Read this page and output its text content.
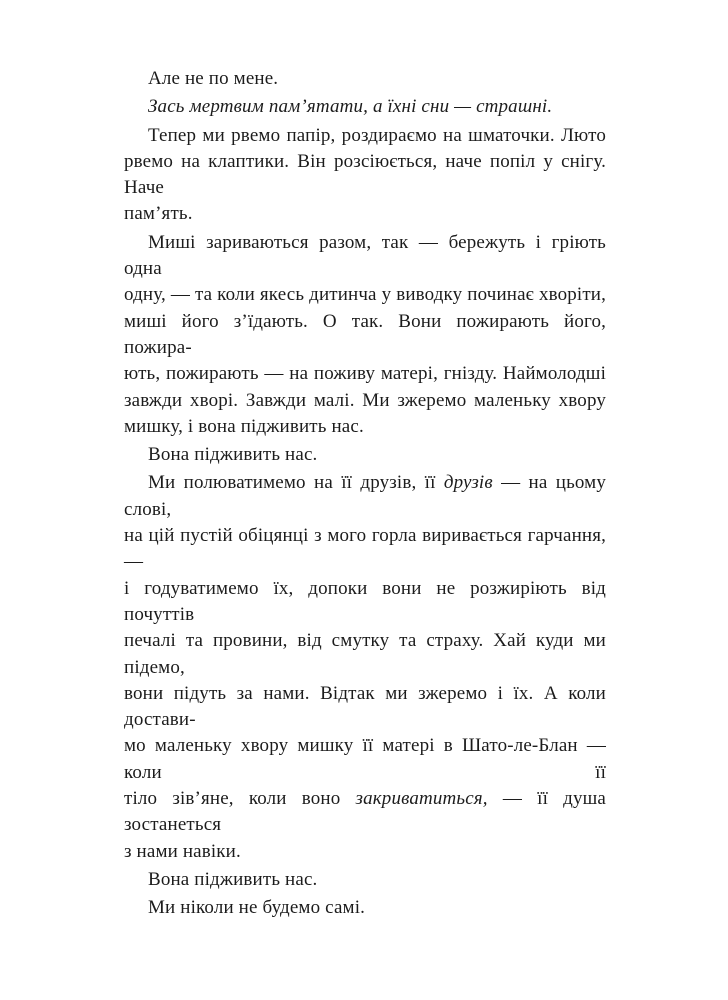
Але не по мене.
Зась мертвим пам’ятати, а їхні сни — страшні.
Тепер ми рвемо папір, роздираємо на шматочки. Люто
рвемо на клаптики. Він розсіюється, наче попіл у снігу. Наче
пам’ять.
Миші зариваються разом, так — бережуть і гріють одна
одну, — та коли якесь дитинча у виводку починає хворіти,
миші його з’їдають. О так. Вони пожирають його, пожира-
ють, пожирають — на поживу матері, гнізду. Наймолодші
завжди хворі. Завжди малі. Ми зжеремо маленьку хвору
мишку, і вона підживить нас.
Вона підживить нас.
Ми полюватимемо на її друзів, її друзів — на цьому слові,
на цій пустій обіцянці з мого горла виривається гарчання, —
і годуватимемо їх, допоки вони не розжиріють від почуттів
печалі та провини, від смутку та страху. Хай куди ми підемо,
вони підуть за нами. Відтак ми зжеремо і їх. А коли достави-
мо маленьку хвору мишку її матері в Шато-ле-Блан — коли її
тіло зів’яне, коли воно закриватиться, — її душа зостанеться
з нами навіки.
Вона підживить нас.
Ми ніколи не будемо самі.
